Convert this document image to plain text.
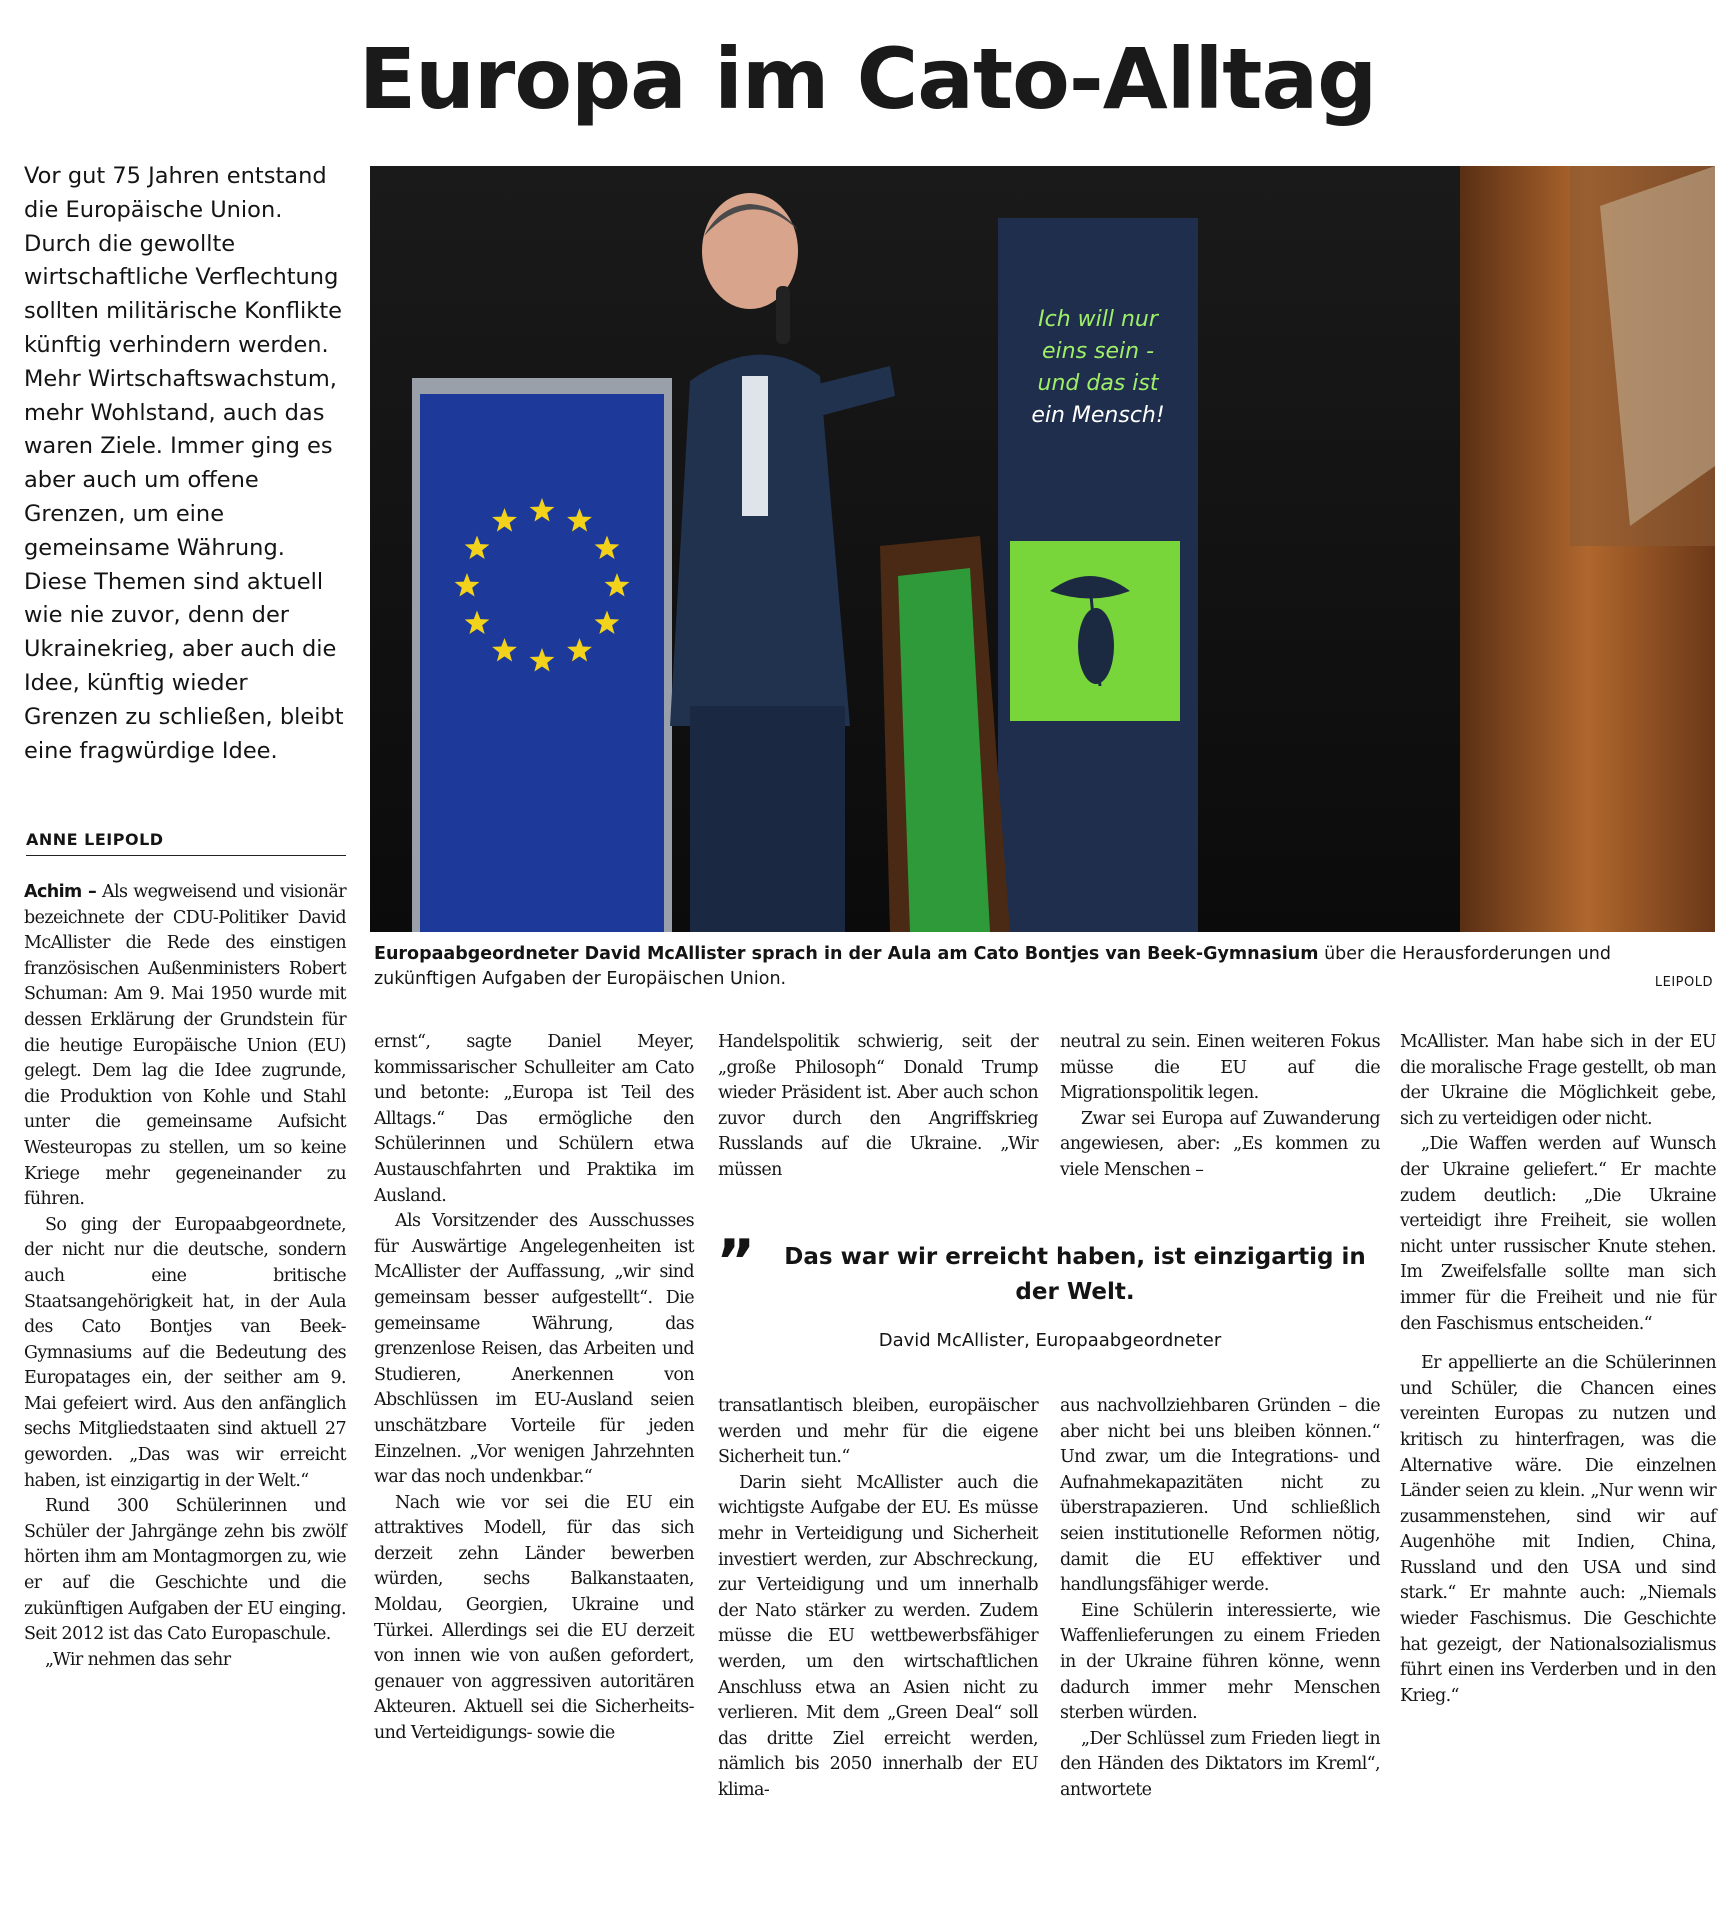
Europa im Cato-Alltag

Vor gut 75 Jahren entstand die Europäische Union. Durch die gewollte wirtschaftliche Verflechtung sollten militärische Konflikte künftig verhindern werden. Mehr Wirtschaftswachstum, mehr Wohlstand, auch das waren Ziele. Immer ging es aber auch um offene Grenzen, um eine gemeinsame Währung. Diese Themen sind aktuell wie nie zuvor, denn der Ukrainekrieg, aber auch die Idee, künftig wieder Grenzen zu schließen, bleibt eine fragwürdige Idee.

ANNE LEIPOLD
Ich will nur
eins sein -
und das ist
ein Mensch!

Europaabgeordneter David McAllister sprach in der Aula am Cato Bontjes van Beek-Gymnasium über die Herausforderungen und zukünftigen Aufgaben der Europäischen Union.	LEIPOLD

Achim – Als wegweisend und visionär bezeichnete der CDU-Politiker David McAllister die Rede des einstigen französischen Außenministers Robert Schuman: Am 9. Mai 1950 wurde mit dessen Erklärung der Grundstein für die heutige Europäische Union (EU) gelegt. Dem lag die Idee zugrunde, die Produktion von Kohle und Stahl unter die gemeinsame Aufsicht Westeuropas zu stellen, um so keine Kriege mehr gegeneinander zu führen.

So ging der Europaabgeordnete, der nicht nur die deutsche, sondern auch eine britische Staatsangehörigkeit hat, in der Aula des Cato Bontjes van Beek-Gymnasiums auf die Bedeutung des Europatages ein, der seither am 9. Mai gefeiert wird. Aus den anfänglich sechs Mitgliedstaaten sind aktuell 27 geworden. „Das was wir erreicht haben, ist einzigartig in der Welt.“

Rund 300 Schülerinnen und Schüler der Jahrgänge zehn bis zwölf hörten ihm am Montagmorgen zu, wie er auf die Geschichte und die zukünftigen Aufgaben der EU einging. Seit 2012 ist das Cato Europaschule.

„Wir nehmen das sehr

ernst“, sagte Daniel Meyer, kommissarischer Schulleiter am Cato und betonte: „Europa ist Teil des Alltags.“ Das ermögliche den Schülerinnen und Schülern etwa Austauschfahrten und Praktika im Ausland.

Als Vorsitzender des Ausschusses für Auswärtige Angelegenheiten ist McAllister der Auffassung, „wir sind gemeinsam besser aufgestellt“. Die gemeinsame Währung, das grenzenlose Reisen, das Arbeiten und Studieren, Anerkennen von Abschlüssen im EU-Ausland seien unschätzbare Vorteile für jeden Einzelnen. „Vor wenigen Jahrzehnten war das noch undenkbar.“

Nach wie vor sei die EU ein attraktives Modell, für das sich derzeit zehn Länder bewerben würden, sechs Balkanstaaten, Moldau, Georgien, Ukraine und Türkei. Allerdings sei die EU derzeit von innen wie von außen gefordert, genauer von aggressiven autoritären Akteuren. Aktuell sei die Sicherheits- und Verteidigungs- sowie die

Handelspolitik schwierig, seit der „große Philosoph“ Donald Trump wieder Präsident ist. Aber auch schon zuvor durch den Angriffskrieg Russlands auf die Ukraine. „Wir müssen

neutral zu sein. Einen weiteren Fokus müsse die EU auf die Migrationspolitik legen.

Zwar sei Europa auf Zuwanderung angewiesen, aber: „Es kommen zu viele Menschen –

”	Das war wir erreicht haben, ist einzigartig in der Welt.

David McAllister, Europaabgeordneter

transatlantisch bleiben, europäischer werden und mehr für die eigene Sicherheit tun.“

Darin sieht McAllister auch die wichtigste Aufgabe der EU. Es müsse mehr in Verteidigung und Sicherheit investiert werden, zur Abschreckung, zur Verteidigung und um innerhalb der Nato stärker zu werden. Zudem müsse die EU wettbewerbsfähiger werden, um den wirtschaftlichen Anschluss etwa an Asien nicht zu verlieren. Mit dem „Green Deal“ soll das dritte Ziel erreicht werden, nämlich bis 2050 innerhalb der EU klima-

aus nachvollziehbaren Gründen – die aber nicht bei uns bleiben können.“ Und zwar, um die Integrations- und Aufnahmekapazitäten nicht zu überstrapazieren. Und schließlich seien institutionelle Reformen nötig, damit die EU effektiver und handlungsfähiger werde.

Eine Schülerin interessierte, wie Waffenlieferungen zu einem Frieden in der Ukraine führen könne, wenn dadurch immer mehr Menschen sterben würden.

„Der Schlüssel zum Frieden liegt in den Händen des Diktators im Kreml“, antwortete

McAllister. Man habe sich in der EU die moralische Frage gestellt, ob man der Ukraine die Möglichkeit gebe, sich zu verteidigen oder nicht.

„Die Waffen werden auf Wunsch der Ukraine geliefert.“ Er machte zudem deutlich: „Die Ukraine verteidigt ihre Freiheit, sie wollen nicht unter russischer Knute stehen. Im Zweifelsfalle sollte man sich immer für die Freiheit und nie für den Faschismus entscheiden.“

Er appellierte an die Schülerinnen und Schüler, die Chancen eines vereinten Europas zu nutzen und kritisch zu hinterfragen, was die Alternative wäre. Die einzelnen Länder seien zu klein. „Nur wenn wir zusammenstehen, sind wir auf Augenhöhe mit Indien, China, Russland und den USA und sind stark.“ Er mahnte auch: „Niemals wieder Faschismus. Die Geschichte hat gezeigt, der Nationalsozialismus führt einen ins Verderben und in den Krieg.“
